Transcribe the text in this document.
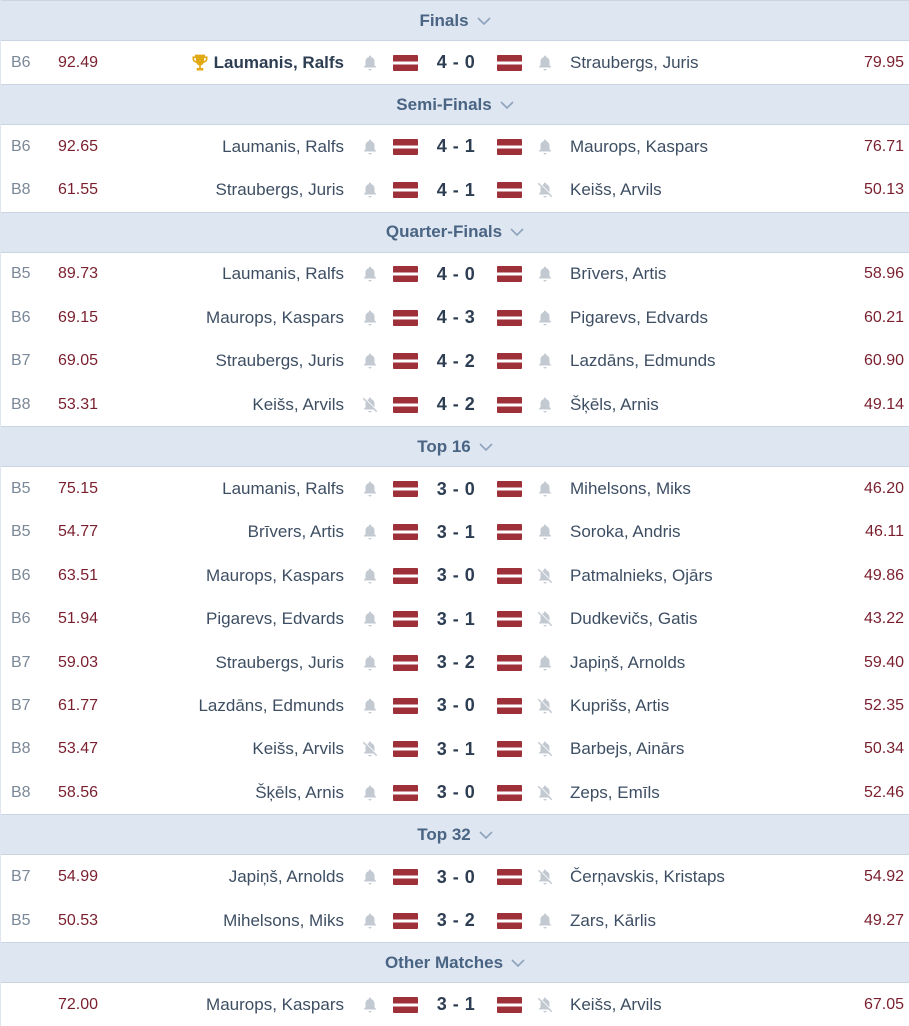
Finals
B6 92.49	Laumanis, Ralfs	4 - 0	Straubergs, Juris	79.95
Semi-Finals
B6 92.65	Laumanis, Ralfs	4 - 1	Maurops, Kaspars	76.71
B8 61.55	Straubergs, Juris	4 - 1	Keišs, Arvils	50.13
Quarter-Finals
B5 89.73	Laumanis, Ralfs	4 - 0	Brīvers, Artis	58.96
B6 69.15	Maurops, Kaspars	4 - 3	Pigarevs, Edvards	60.21
B7 69.05	Straubergs, Juris	4 - 2	Lazdāns, Edmunds	60.90
B8 53.31	Keišs, Arvils	4 - 2	Šķēls, Arnis	49.14
Top 16
B5 75.15	Laumanis, Ralfs	3 - 0	Mihelsons, Miks	46.20
B5 54.77	Brīvers, Artis	3 - 1	Soroka, Andris	46.11
B6 63.51	Maurops, Kaspars	3 - 0	Patmalnieks, Ojārs	49.86
B6 51.94	Pigarevs, Edvards	3 - 1	Dudkevičs, Gatis	43.22
B7 59.03	Straubergs, Juris	3 - 2	Japiņš, Arnolds	59.40
B7 61.77	Lazdāns, Edmunds	3 - 0	Kuprišs, Artis	52.35
B8 53.47	Keišs, Arvils	3 - 1	Barbejs, Ainārs	50.34
B8 58.56	Šķēls, Arnis	3 - 0	Zeps, Emīls	52.46
Top 32
B7 54.99	Japiņš, Arnolds	3 - 0	Čerņavskis, Kristaps	54.92
B5 50.53	Mihelsons, Miks	3 - 2	Zars, Kārlis	49.27
Other Matches
72.00	Maurops, Kaspars	3 - 1	Keišs, Arvils	67.05
